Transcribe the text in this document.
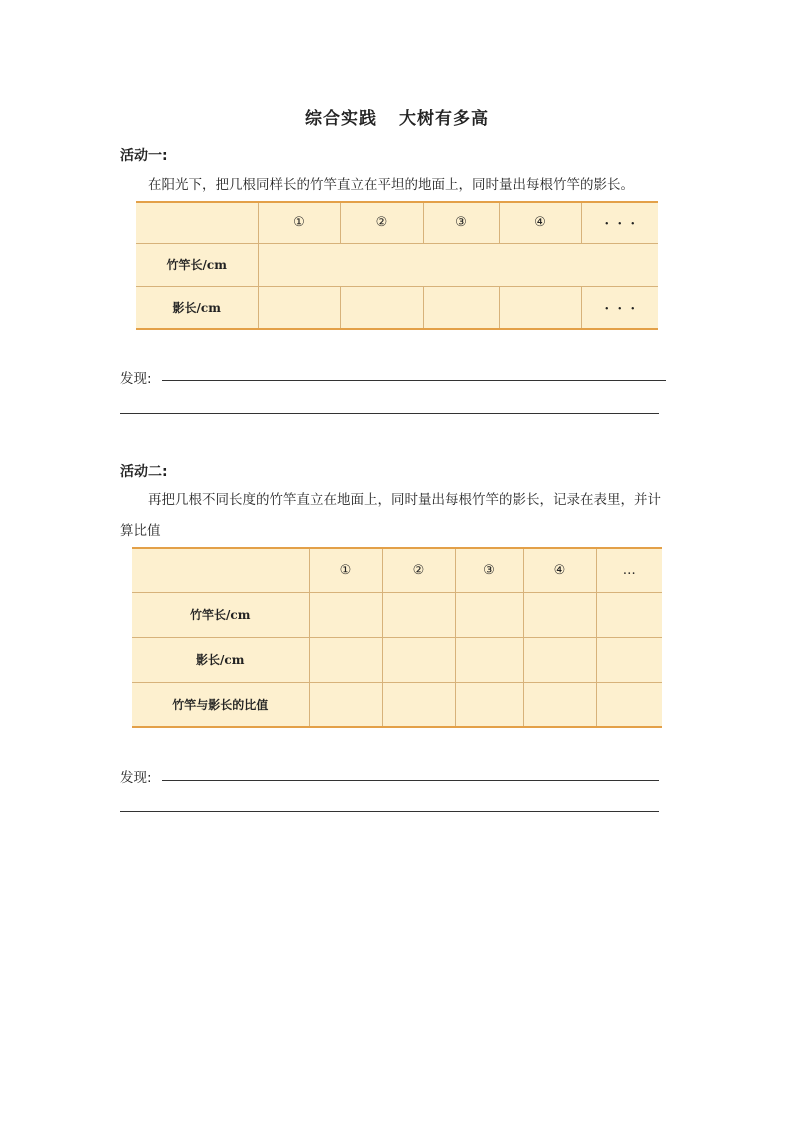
综合实践 大树有多高
活动一:
在阳光下，把几根同样长的竹竿直立在平坦的地面上，同时量出每根竹竿的影长。
	①	②	③	④	・・・
竹竿长/cm					
影长/cm					・・・
发现:
活动二:
再把几根不同长度的竹竿直立在地面上，同时量出每根竹竿的影长，记录在表里，并计
算比值
	①	②	③	④	…
竹竿长/cm					
影长/cm					
竹竿与影长的比值					
发现:
